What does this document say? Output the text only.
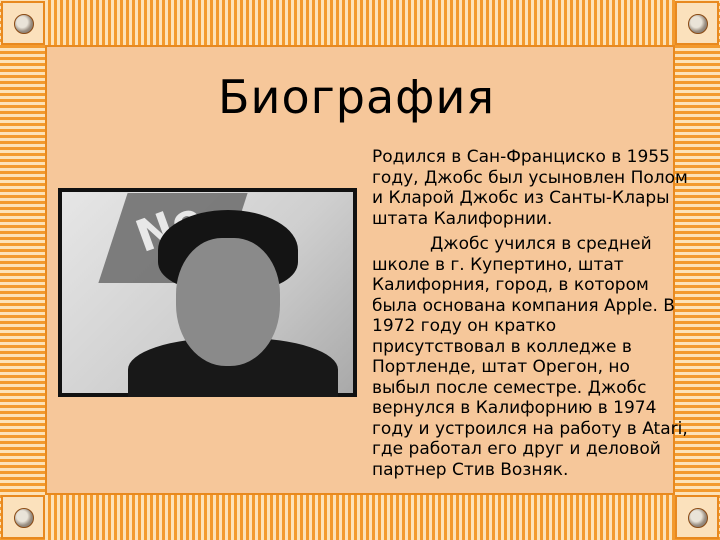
Биография

Родился в Сан-Франциско в 1955 году, Джобс был усыновлен Полом и Кларой Джобс из Санты-Клары штата Калифорнии.

Джобс учился в средней школе в г. Купертино, штат Калифорния, город, в котором была основана компания Apple. В 1972 году он кратко присутствовал в колледже в Портленде, штат Орегон, но выбыл после семестре. Джобс вернулся в Калифорнию в 1974 году и устроился на работу в Atari, где работал его друг и деловой партнер Стив Возняк.
